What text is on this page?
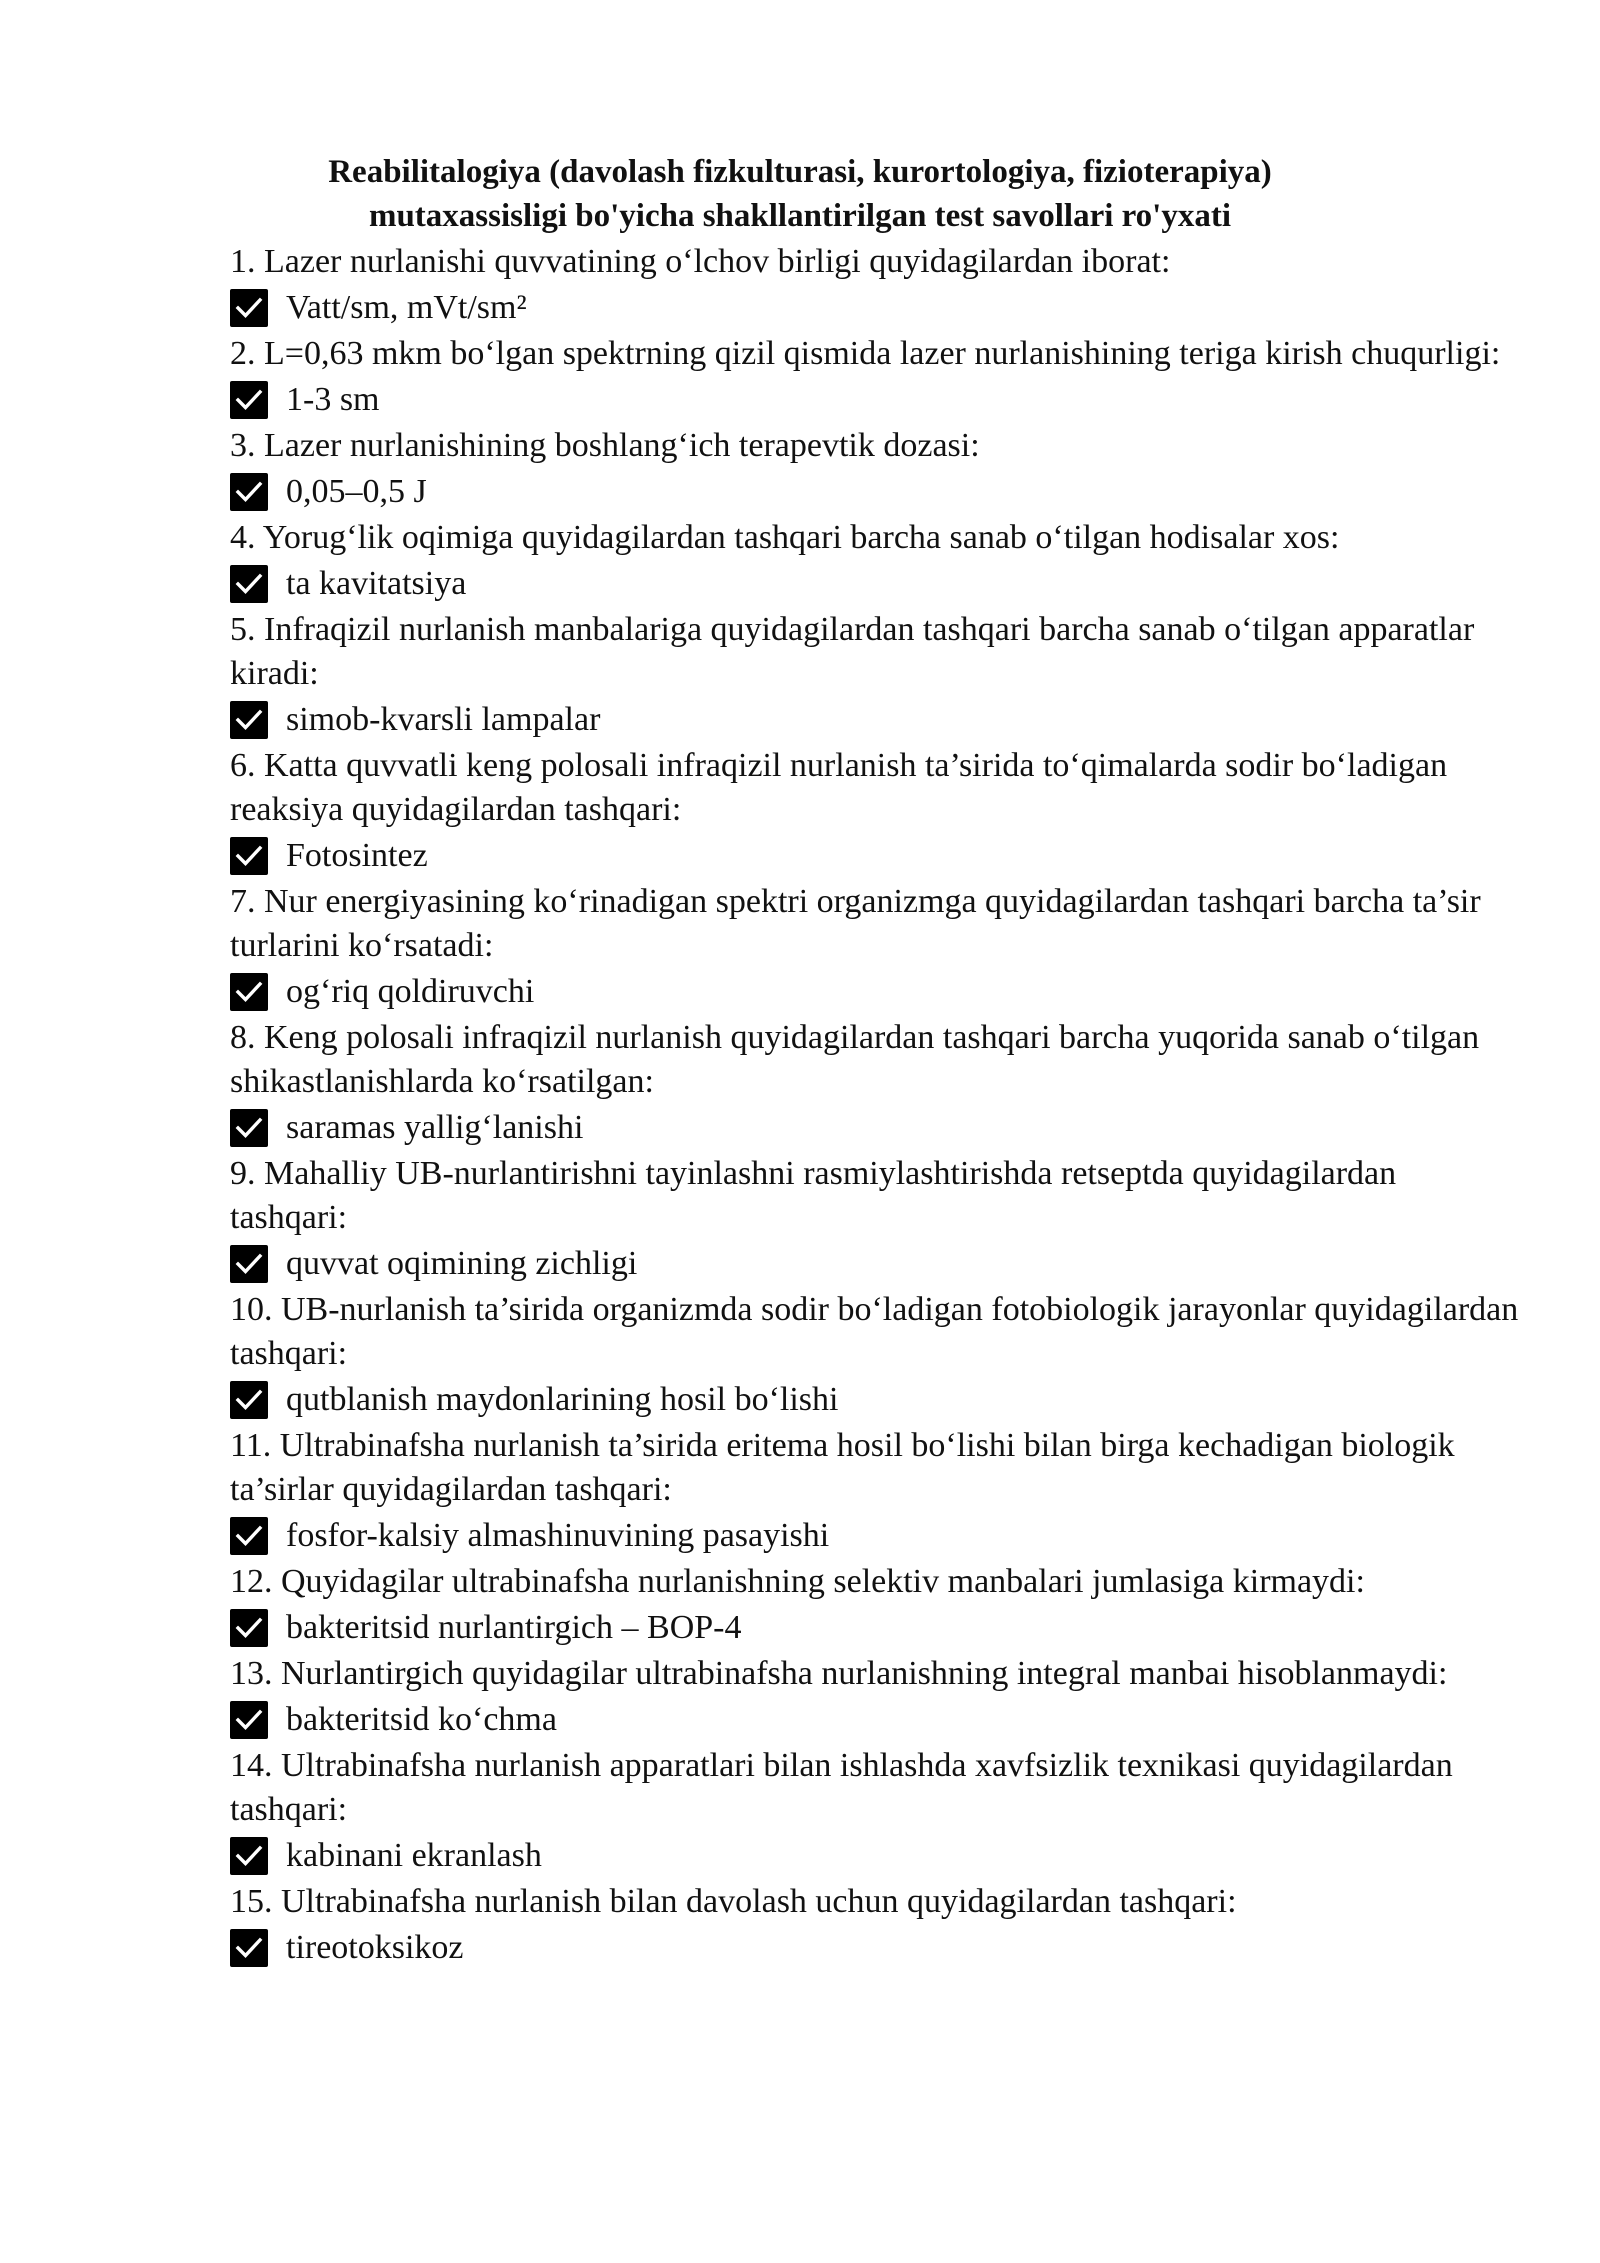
Reabilitalogiya (davolash fizkulturasi, kurortologiya, fizioterapiya)
mutaxassisligi bo'yicha shakllantirilgan test savollari ro'yxati

1. Lazer nurlanishi quvvatining o‘lchov birligi quyidagilardan iborat:

Vatt/sm, mVt/sm²

2. L=0,63 mkm bo‘lgan spektrning qizil qismida lazer nurlanishining teriga kirish chuqurligi:

1-3 sm

3. Lazer nurlanishining boshlang‘ich terapevtik dozasi:

0,05–0,5 J

4. Yorug‘lik oqimiga quyidagilardan tashqari barcha sanab o‘tilgan hodisalar xos:

ta kavitatsiya

5. Infraqizil nurlanish manbalariga quyidagilardan tashqari barcha sanab o‘tilgan apparatlar kiradi:

simob-kvarsli lampalar

6. Katta quvvatli keng polosali infraqizil nurlanish ta’sirida to‘qimalarda sodir bo‘ladigan reaksiya quyidagilardan tashqari:

Fotosintez

7. Nur energiyasining ko‘rinadigan spektri organizmga quyidagilardan tashqari barcha ta’sir turlarini ko‘rsatadi:

og‘riq qoldiruvchi

8. Keng polosali infraqizil nurlanish quyidagilardan tashqari barcha yuqorida sanab o‘tilgan shikastlanishlarda ko‘rsatilgan:

saramas yallig‘lanishi

9. Mahalliy UB-nurlantirishni tayinlashni rasmiylashtirishda retseptda quyidagilardan tashqari:

quvvat oqimining zichligi

10. UB-nurlanish ta’sirida organizmda sodir bo‘ladigan fotobiologik jarayonlar quyidagilardan tashqari:

qutblanish maydonlarining hosil bo‘lishi

11. Ultrabinafsha nurlanish ta’sirida eritema hosil bo‘lishi bilan birga kechadigan biologik ta’sirlar quyidagilardan tashqari:

fosfor-kalsiy almashinuvining pasayishi

12. Quyidagilar ultrabinafsha nurlanishning selektiv manbalari jumlasiga kirmaydi:

bakteritsid nurlantirgich – BOP-4

13. Nurlantirgich quyidagilar ultrabinafsha nurlanishning integral manbai hisoblanmaydi:

bakteritsid ko‘chma

14. Ultrabinafsha nurlanish apparatlari bilan ishlashda xavfsizlik texnikasi quyidagilardan tashqari:

kabinani ekranlash

15. Ultrabinafsha nurlanish bilan davolash uchun quyidagilardan tashqari:

tireotoksikoz
